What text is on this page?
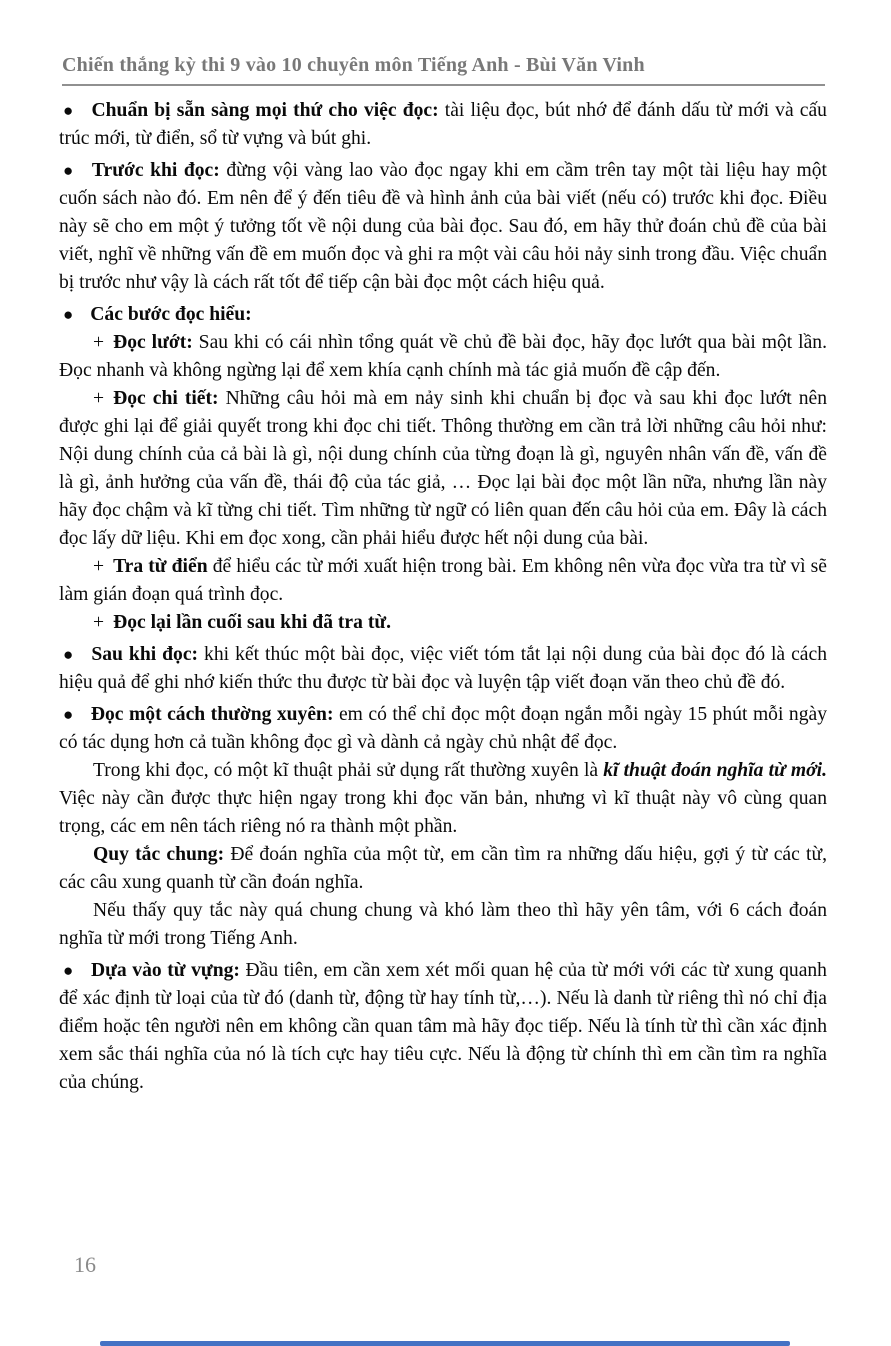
Chiến thắng kỳ thi 9 vào 10 chuyên môn Tiếng Anh - Bùi Văn Vinh

● Chuẩn bị sẵn sàng mọi thứ cho việc đọc: tài liệu đọc, bút nhớ để đánh dấu từ mới và cấu trúc mới, từ điển, sổ từ vựng và bút ghi.

● Trước khi đọc: đừng vội vàng lao vào đọc ngay khi em cầm trên tay một tài liệu hay một cuốn sách nào đó. Em nên để ý đến tiêu đề và hình ảnh của bài viết (nếu có) trước khi đọc. Điều này sẽ cho em một ý tưởng tốt về nội dung của bài đọc. Sau đó, em hãy thử đoán chủ đề của bài viết, nghĩ về những vấn đề em muốn đọc và ghi ra một vài câu hỏi nảy sinh trong đầu. Việc chuẩn bị trước như vậy là cách rất tốt để tiếp cận bài đọc một cách hiệu quả.

● Các bước đọc hiểu:

+ Đọc lướt: Sau khi có cái nhìn tổng quát về chủ đề bài đọc, hãy đọc lướt qua bài một lần. Đọc nhanh và không ngừng lại để xem khía cạnh chính mà tác giả muốn đề cập đến.

+ Đọc chi tiết: Những câu hỏi mà em nảy sinh khi chuẩn bị đọc và sau khi đọc lướt nên được ghi lại để giải quyết trong khi đọc chi tiết. Thông thường em cần trả lời những câu hỏi như: Nội dung chính của cả bài là gì, nội dung chính của từng đoạn là gì, nguyên nhân vấn đề, vấn đề là gì, ảnh hưởng của vấn đề, thái độ của tác giả, … Đọc lại bài đọc một lần nữa, nhưng lần này hãy đọc chậm và kĩ từng chi tiết. Tìm những từ ngữ có liên quan đến câu hỏi của em. Đây là cách đọc lấy dữ liệu. Khi em đọc xong, cần phải hiểu được hết nội dung của bài.

+ Tra từ điển để hiểu các từ mới xuất hiện trong bài. Em không nên vừa đọc vừa tra từ vì sẽ làm gián đoạn quá trình đọc.

+ Đọc lại lần cuối sau khi đã tra từ.

● Sau khi đọc: khi kết thúc một bài đọc, việc viết tóm tắt lại nội dung của bài đọc đó là cách hiệu quả để ghi nhớ kiến thức thu được từ bài đọc và luyện tập viết đoạn văn theo chủ đề đó.

● Đọc một cách thường xuyên: em có thể chỉ đọc một đoạn ngắn mỗi ngày 15 phút mỗi ngày có tác dụng hơn cả tuần không đọc gì và dành cả ngày chủ nhật để đọc.

Trong khi đọc, có một kĩ thuật phải sử dụng rất thường xuyên là kĩ thuật đoán nghĩa từ mới. Việc này cần được thực hiện ngay trong khi đọc văn bản, nhưng vì kĩ thuật này vô cùng quan trọng, các em nên tách riêng nó ra thành một phần.

Quy tắc chung: Để đoán nghĩa của một từ, em cần tìm ra những dấu hiệu, gợi ý từ các từ, các câu xung quanh từ cần đoán nghĩa.

Nếu thấy quy tắc này quá chung chung và khó làm theo thì hãy yên tâm, với 6 cách đoán nghĩa từ mới trong Tiếng Anh.

● Dựa vào từ vựng: Đầu tiên, em cần xem xét mối quan hệ của từ mới với các từ xung quanh để xác định từ loại của từ đó (danh từ, động từ hay tính từ,…). Nếu là danh từ riêng thì nó chỉ địa điểm hoặc tên người nên em không cần quan tâm mà hãy đọc tiếp. Nếu là tính từ thì cần xác định xem sắc thái nghĩa của nó là tích cực hay tiêu cực. Nếu là động từ chính thì em cần tìm ra nghĩa của chúng.

16
